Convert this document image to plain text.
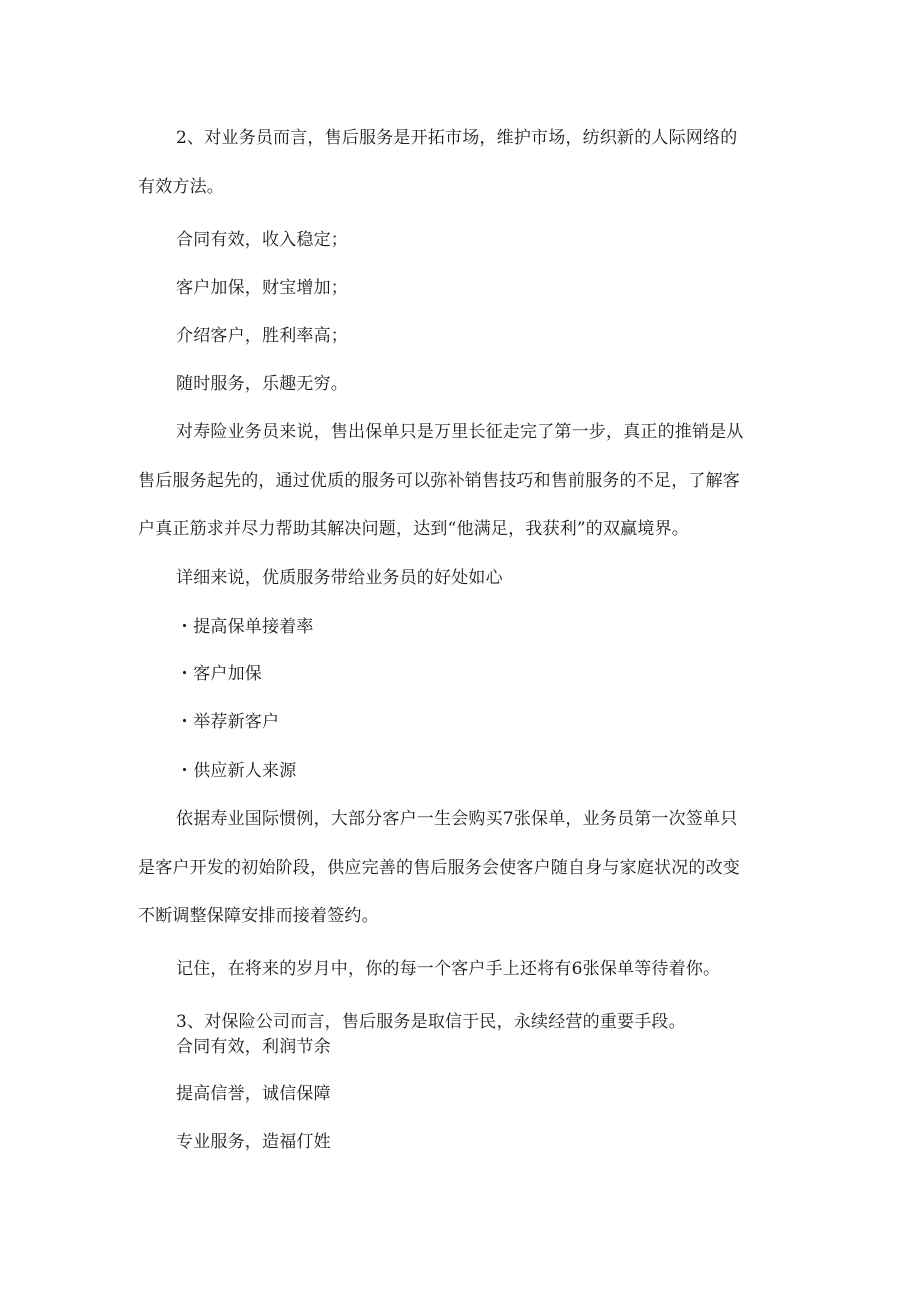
2、对业务员而言，售后服务是开拓市场，维护市场，纺织新的人际网络的
有效方法。
合同有效，收入稳定；
客户加保，财宝增加；
介绍客户，胜利率高；
随时服务，乐趣无穷。
对寿险业务员来说，售出保单只是万里长征走完了第一步，真正的推销是从
售后服务起先的，通过优质的服务可以弥补销售技巧和售前服务的不足，了解客
户真正筋求并尽力帮助其解决问题，达到“他满足，我获利”的双赢境界。
详细来说，优质服务带给业务员的好处如心
・提高保单接着率
・客户加保
・举荐新客户
・供应新人来源
依据寿业国际惯例，大部分客户一生会购买7张保单，业务员第一次签单只
是客户开发的初始阶段，供应完善的售后服务会使客户随自身与家庭状况的改变
不断调整保障安排而接着签约。
记住，在将来的岁月中，你的每一个客户手上还将有6张保单等待着你。
3、对保险公司而言，售后服务是取信于民，永续经营的重要手段。
合同有效，利润节余
提高信誉，诚信保障
专业服务，造福仃姓
